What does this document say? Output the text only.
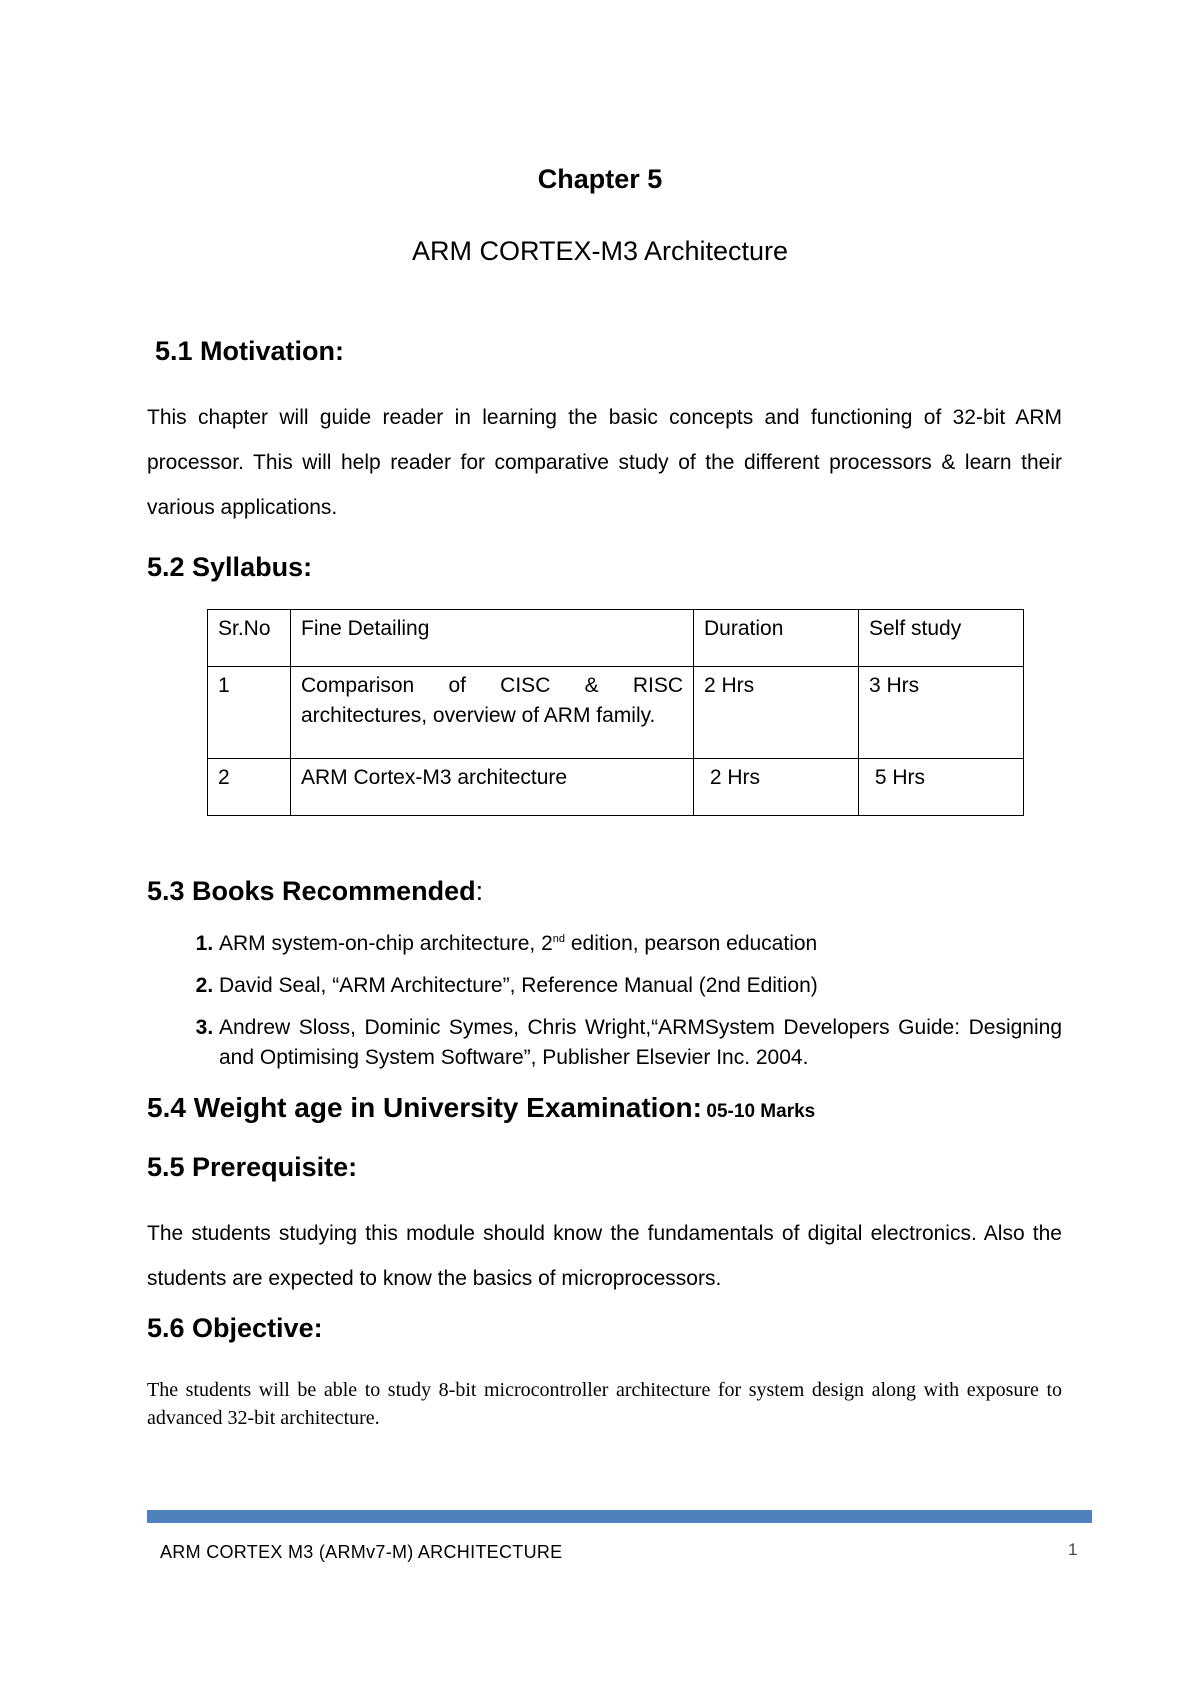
Chapter 5
ARM CORTEX-M3 Architecture
5.1 Motivation:
This chapter will guide reader in learning the basic concepts and functioning of 32-bit ARM processor. This will help reader for comparative study of the different processors & learn their various applications.
5.2 Syllabus:
Sr.No	Fine Detailing	Duration	Self study
1	Comparison of CISC & RISC architectures, overview of ARM family.	2 Hrs	3 Hrs
2	ARM Cortex-M3 architecture	2 Hrs	5 Hrs
5.3 Books Recommended:
1. ARM system-on-chip architecture, 2nd edition, pearson education
2. David Seal, “ARM Architecture”, Reference Manual (2nd Edition)
3. Andrew Sloss, Dominic Symes, Chris Wright,“ARMSystem Developers Guide: Designing and Optimising System Software”, Publisher Elsevier Inc. 2004.
5.4 Weight age in University Examination: 05-10 Marks
5.5 Prerequisite:
The students studying this module should know the fundamentals of digital electronics. Also the students are expected to know the basics of microprocessors.
5.6 Objective:
The students will be able to study 8-bit microcontroller architecture for system design along with exposure to advanced 32-bit architecture.
ARM CORTEX M3 (ARMv7-M) ARCHITECTURE	1
